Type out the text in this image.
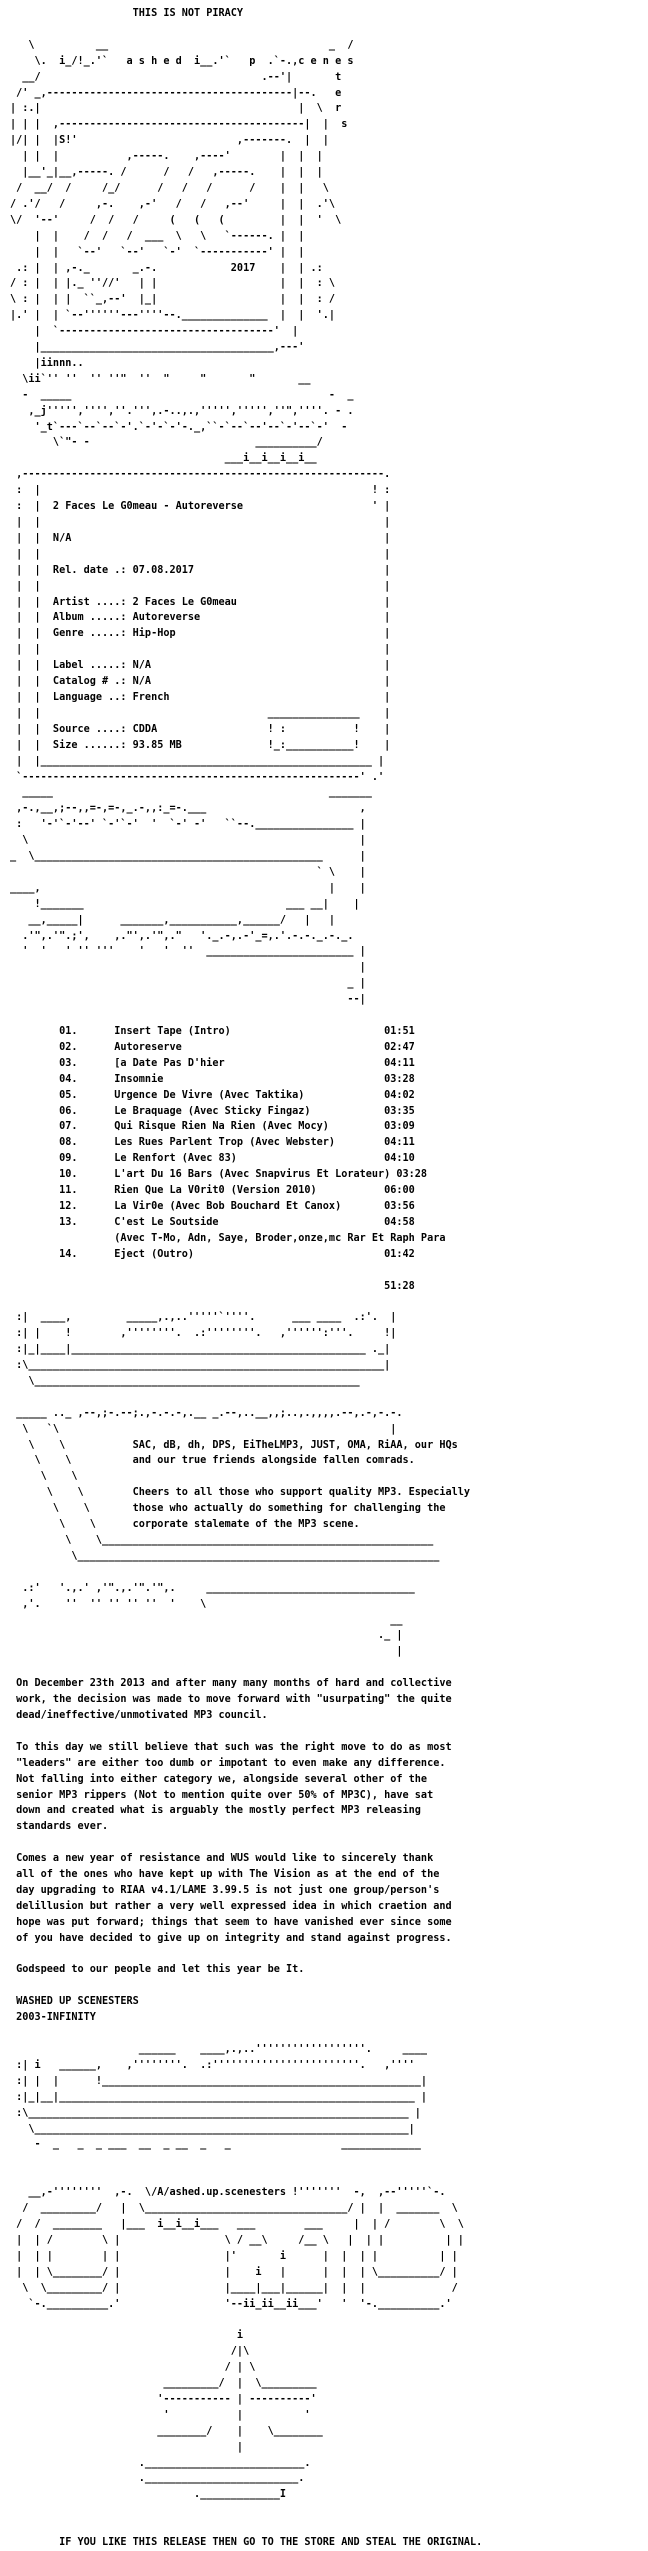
THIS IS NOT PIRACY

\          __                                    _  /
\.  i_/!_.'`   a s h e d  i__.'`   p  .`-.,c e n e s
__/                                    .--'|       t
/' _,----------------------------------------|--.   e
| :.|                                          |  \  r
| | |  ,----------------------------------------|  |  s
|/| |  |S!'                          ,-------.  |  |
| |  |           ,-----.    ,----'        |  |  |
|__'_|__,-----. /      /   /   ,-----.    |  |  |
/  __/  /     /_/      /   /   /      /    |  |   \
/ .'/   /     ,-.    ,-'   /   /   ,--'     |  |  .'\
\/  '--'     /  /   /     (   (   (         |  |  '  \
|  |    /  /   /  ___  \   \   `------. |  |
|  |   `--'   `--'   `-'  `-----------' |  |
.: |  | ,-._       _.-.            2017    |  | .:
/ : |  | |._ ''//'   | |                    |  |  : \
\ : |  | |  ``_,--'  |_|                    |  |  : /
|.' |  | `--''''''---''''--.______________  |  |  '.|
|  `-----------------------------------'  |
|______________________________________,---'
|iinnn..
\ii`'' ''  '' ''"  ''  "     "       "       __
-  _____                                          -  _
,_j''''','''',''.''',.-..,.,''''',''''',''",''''. - .
'_t`---`--`--`-'.`-'-`-'-._,``-`--`--'--`-'--`-'  -
\`"- -                           __________/
___i__i__i__i__
,-----------------------------------------------------------.
:  |                                                      ! :
:  |  2 Faces Le G0meau - Autoreverse                     ' |
|  |                                                        |
|  |  N/A                                                   |
|  |                                                        |
|  |  Rel. date .: 07.08.2017                               |
|  |                                                        |
|  |  Artist ....: 2 Faces Le G0meau                        |
|  |  Album .....: Autoreverse                              |
|  |  Genre .....: Hip-Hop                                  |
|  |                                                        |
|  |  Label .....: N/A                                      |
|  |  Catalog # .: N/A                                      |
|  |  Language ..: French                                   |
|  |                                     _______________    |
|  |  Source ....: CDDA                  ! :           !    |
|  |  Size ......: 93.85 MB              !_:___________!    |
|  |______________________________________________________ |
`-------------------------------------------------------' .'
_____                                             _______
,-.,__,;--,,=-,=-,_.-,,:_=-.___                         ,
:   '-'`-'--' `-'`-'  '  `-' -'   ``--.________________ |
\                                                      |
_  \_______________________________________________      |
` \    |
____,                                               |    |
!_______                                 ___ __|    |
__,_____|      _______,___________,______/   |   |
.'",.'".;',    ,."',.'",."   '._.-,.-'_=,.'.-.-._.-._.
'  '   ' '' '''    '   '  ''  ________________________ |
|
_ |
--|

01.      Insert Tape (Intro)                         01:51
02.      Autoreserve                                 02:47
03.      [a Date Pas D'hier                          04:11
04.      Insomnie                                    03:28
05.      Urgence De Vivre (Avec Taktika)             04:02
06.      Le Braquage (Avec Sticky Fingaz)            03:35
07.      Qui Risque Rien Na Rien (Avec Mocy)         03:09
08.      Les Rues Parlent Trop (Avec Webster)        04:11
09.      Le Renfort (Avec 83)                        04:10
10.      L'art Du 16 Bars (Avec Snapvirus Et Lorateur) 03:28
11.      Rien Que La V0rit0 (Version 2010)           06:00
12.      La Vir0e (Avec Bob Bouchard Et Canox)       03:56
13.      C'est Le Soutside                           04:58
(Avec T-Mo, Adn, Saye, Broder,onze,mc Rar Et Raph Para
14.      Eject (Outro)                               01:42

51:28

:|  ____,         _____,.,..'''''`''''.      ___ ____  .:'.  |
:| |    !        ,''''''''.  .:''''''''.   ,'''''':'''.     !|
:|_|____|________________________________________________ ._|
:\__________________________________________________________|
\_____________________________________________________

_____ .._ ,--,;-.--;.,-.-.-,.__ _.--,..__,,;..,.,,,,.--,.-,-.-.
\   `\                                                      |
\    \           SAC, dB, dh, DPS, EiTheLMP3, JUST, OMA, RiAA, our HQs
\    \          and our true friends alongside fallen comrads.
\    \
\    \        Cheers to all those who support quality MP3. Especially
\    \       those who actually do something for challenging the
\    \      corporate stalemate of the MP3 scene.
\    \______________________________________________________
\___________________________________________________________

.:'   '.,.' ,'".,.'".'",.     __________________________________
,'.    ''  '' '' '' ''  '    \
__
._ |
|

On December 23th 2013 and after many many months of hard and collective
work, the decision was made to move forward with "usurpating" the quite
dead/ineffective/unmotivated MP3 council.

To this day we still believe that such was the right move to do as most
"leaders" are either too dumb or impotant to even make any difference.
Not falling into either category we, alongside several other of the
senior MP3 rippers (Not to mention quite over 50% of MP3C), have sat
down and created what is arguably the mostly perfect MP3 releasing
standards ever.

Comes a new year of resistance and WUS would like to sincerely thank
all of the ones who have kept up with The Vision as at the end of the
day upgrading to RIAA v4.1/LAME 3.99.5 is not just one group/person's
delillusion but rather a very well expressed idea in which craetion and
hope was put forward; things that seem to have vanished ever since some
of you have decided to give up on integrity and stand against progress.

Godspeed to our people and let this year be It.

WASHED UP SCENESTERS
2003-INFINITY

______    ____,.,..''''''''''''''''''.     ____
:| i   ______,    ,''''''''.  .:''''''''''''''''''''''''.   ,''''
:| |  |      !____________________________________________________|
:|_|__|__________________________________________________________ |
:\______________________________________________________________ |
\_____________________________________________________________|
-  _   _  _ ___  __  _ __  _   _                  _____________

__,-''''''''  ,-.  \/A/ashed.up.scenesters !'''''''  -,  ,--'''''`-.
/  _________/   |  \_________________________________/ |  |  _______  \
/  /  ________   |___  i__i__i___   ___        ___     |  | /        \  \
|  | /        \ |                 \ / __\     /__ \   |  | |          | |
|  | |        | |                 |'       i      |  |  | |          | |
|  | \________/ |                 |    i   |      |  |  | \__________/ |
\  \_________/ |                 |____|___|______|  |  |              /
`-.__________.'                 '--ii_ii__ii___'   '  '-.__________.'

i
/|\
/ | \
_________/  |  \_________
'----------- | ----------'
'           |          '
________/    |    \________
|
.__________________________.
._________________________.
._____________I

IF YOU LIKE THIS RELEASE THEN GO TO THE STORE AND STEAL THE ORIGINAL.
